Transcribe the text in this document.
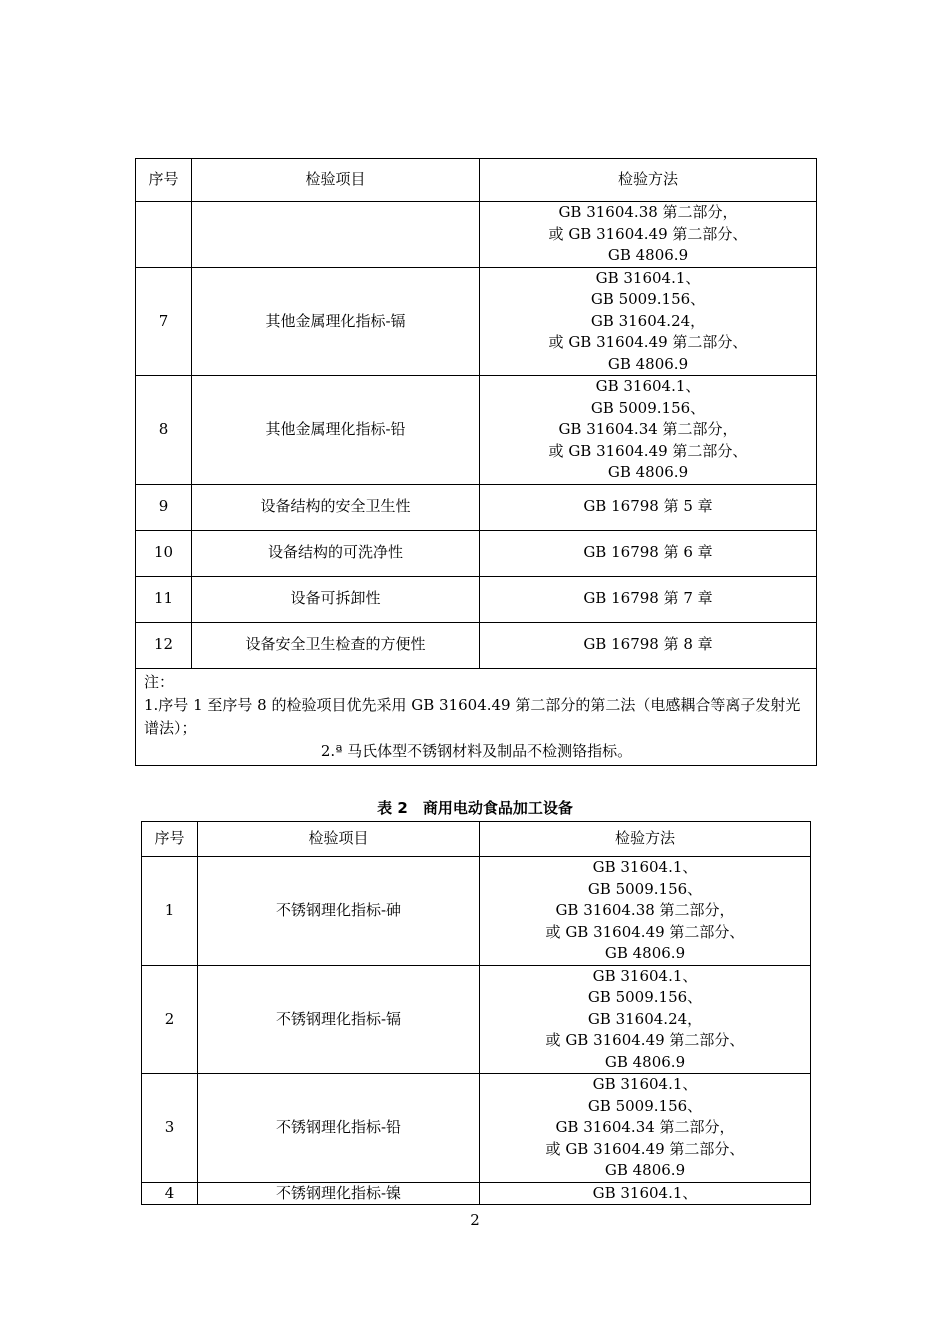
序号	检验项目	检验方法
		GB 31604.38 第二部分，
或 GB 31604.49 第二部分、
GB 4806.9
7	其他金属理化指标-镉	GB 31604.1、
GB 5009.156、
GB 31604.24，
或 GB 31604.49 第二部分、
GB 4806.9
8	其他金属理化指标-铅	GB 31604.1、
GB 5009.156、
GB 31604.34 第二部分，
或 GB 31604.49 第二部分、
GB 4806.9
9	设备结构的安全卫生性	GB 16798 第 5 章
10	设备结构的可洗净性	GB 16798 第 6 章
11	设备可拆卸性	GB 16798 第 7 章
12	设备安全卫生检查的方便性	GB 16798 第 8 章
注：
1.序号 1 至序号 8 的检验项目优先采用 GB 31604.49 第二部分的第二法（电感耦合等离子发射光谱法）；
2.ª 马氏体型不锈钢材料及制品不检测铬指标。		
表 2　商用电动食品加工设备
序号	检验项目	检验方法
1	不锈钢理化指标-砷	GB 31604.1、
GB 5009.156、
GB 31604.38 第二部分，
或 GB 31604.49 第二部分、
GB 4806.9
2	不锈钢理化指标-镉	GB 31604.1、
GB 5009.156、
GB 31604.24，
或 GB 31604.49 第二部分、
GB 4806.9
3	不锈钢理化指标-铅	GB 31604.1、
GB 5009.156、
GB 31604.34 第二部分，
或 GB 31604.49 第二部分、
GB 4806.9
4	不锈钢理化指标-镍	GB 31604.1、
2
